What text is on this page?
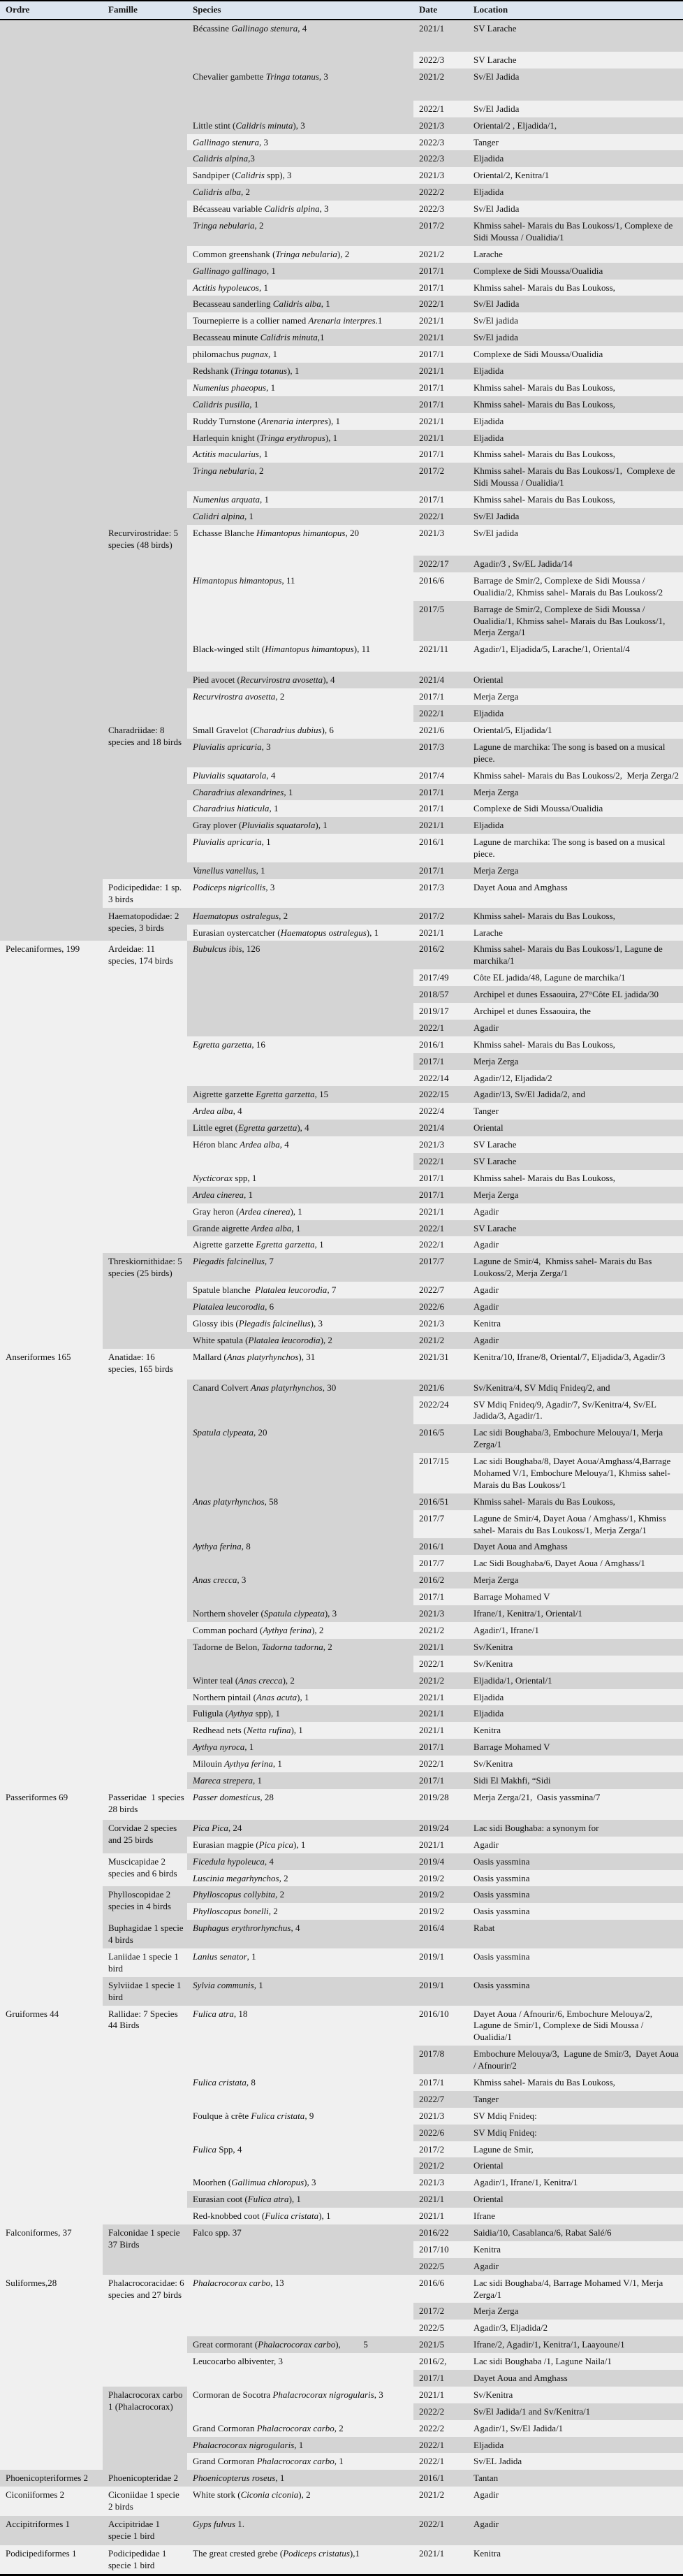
Ordre	Famille	Species	Date	Location
		Bécassine Gallinago stenura, 4	2021/1	SV Larache
			2022/3	SV Larache
		Chevalier gambette Tringa totanus, 3	2021/2	Sv/El Jadida
			2022/1	Sv/El Jadida
		Little stint (Calidris minuta), 3	2021/3	Oriental/2 , Eljadida/1,
		Gallinago stenura, 3	2022/3	Tanger
		Calidris alpina,3	2022/3	Eljadida
		Sandpiper (Calidris spp), 3	2021/3	Oriental/2, Kenitra/1
		Calidris alba, 2	2022/2	Eljadida
		Bécasseau variable Calidris alpina, 3	2022/3	Sv/El Jadida
		Tringa nebularia, 2	2017/2	Khmiss sahel- Marais du Bas Loukoss/1, Complexe de Sidi Moussa / Oualidia/1
		Common greenshank (Tringa nebularia), 2	2021/2	Larache
		Gallinago gallinago, 1	2017/1	Complexe de Sidi Moussa/Oualidia
		Actitis hypoleucos, 1	2017/1	Khmiss sahel- Marais du Bas Loukoss,
		Becasseau sanderling Calidris alba, 1	2022/1	Sv/El Jadida
		Tournepierre is a collier named Arenaria interpres.1	2021/1	Sv/El jadida
		Becasseau minute Calidris minuta,1	2021/1	Sv/El jadida
		philomachus pugnax, 1	2017/1	Complexe de Sidi Moussa/Oualidia
		Redshank (Tringa totanus), 1	2021/1	Eljadida
		Numenius phaeopus, 1	2017/1	Khmiss sahel- Marais du Bas Loukoss,
		Calidris pusilla, 1	2017/1	Khmiss sahel- Marais du Bas Loukoss,
		Ruddy Turnstone (Arenaria interpres), 1	2021/1	Eljadida
		Harlequin knight (Tringa erythropus), 1	2021/1	Eljadida
		Actitis macularius, 1	2017/1	Khmiss sahel- Marais du Bas Loukoss,
		Tringa nebularia, 2	2017/2	Khmiss sahel- Marais du Bas Loukoss/1,  Complexe de Sidi Moussa / Oualidia/1
		Numenius arquata, 1	2017/1	Khmiss sahel- Marais du Bas Loukoss,
		Calidri alpina, 1	2022/1	Sv/El Jadida
	Recurvirostridae: 5 species (48 birds)	Echasse Blanche Himantopus himantopus, 20	2021/3	Sv/El jadida
			2022/17	Agadir/3 , Sv/EL Jadida/14
		Himantopus himantopus, 11	2016/6	Barrage de Smir/2, Complexe de Sidi Moussa / Oualidia/2, Khmiss sahel- Marais du Bas Loukoss/2
			2017/5	Barrage de Smir/2, Complexe de Sidi Moussa / Oualidia/1, Khmiss sahel- Marais du Bas Loukoss/1, Merja Zerga/1
		Black-winged stilt (Himantopus himantopus), 11	2021/11	Agadir/1, Eljadida/5, Larache/1, Oriental/4
		Pied avocet (Recurvirostra avosetta), 4	2021/4	Oriental
		Recurvirostra avosetta, 2	2017/1	Merja Zerga
			2022/1	Eljadida
	Charadriidae: 8 species and 18 birds	Small Gravelot (Charadrius dubius), 6	2021/6	Oriental/5, Eljadida/1
		Pluvialis apricaria, 3	2017/3	Lagune de marchika: The song is based on a musical piece.
		Pluvialis squatarola, 4	2017/4	Khmiss sahel- Marais du Bas Loukoss/2,  Merja Zerga/2
		Charadrius alexandrines, 1	2017/1	Merja Zerga
		Charadrius hiaticula, 1	2017/1	Complexe de Sidi Moussa/Oualidia
		Gray plover (Pluvialis squatarola), 1	2021/1	Eljadida
		Pluvialis apricaria, 1	2016/1	Lagune de marchika: The song is based on a musical piece.
		Vanellus vanellus, 1	2017/1	Merja Zerga
	Podicipedidae: 1 sp. 3 birds	Podiceps nigricollis, 3	2017/3	Dayet Aoua and Amghass
	Haematopodidae: 2 species, 3 birds	Haematopus ostralegus, 2	2017/2	Khmiss sahel- Marais du Bas Loukoss,
		Eurasian oystercatcher (Haematopus ostralegus), 1	2021/1	Larache
Pelecaniformes, 199	Ardeidae: 11 species, 174 birds	Bubulcus ibis, 126	2016/2	Khmiss sahel- Marais du Bas Loukoss/1, Lagune de marchika/1
			2017/49	Côte EL jadida/48, Lagune de marchika/1
			2018/57	Archipel et dunes Essaouira, 27°Côte EL jadida/30
			2019/17	Archipel et dunes Essaouira, the
			2022/1	Agadir
		Egretta garzetta, 16	2016/1	Khmiss sahel- Marais du Bas Loukoss,
			2017/1	Merja Zerga
			2022/14	Agadir/12, Eljadida/2
		Aigrette garzette Egretta garzetta, 15	2022/15	Agadir/13, Sv/El Jadida/2, and
		Ardea alba, 4	2022/4	Tanger
		Little egret (Egretta garzetta), 4	2021/4	Oriental
		Héron blanc Ardea alba, 4	2021/3	SV Larache
			2022/1	SV Larache
		Nycticorax spp, 1	2017/1	Khmiss sahel- Marais du Bas Loukoss,
		Ardea cinerea, 1	2017/1	Merja Zerga
		Gray heron (Ardea cinerea), 1	2021/1	Agadir
		Grande aigrette Ardea alba, 1	2022/1	SV Larache
		Aigrette garzette Egretta garzetta, 1	2022/1	Agadir
	Threskiornithidae: 5 species (25 birds)	Plegadis falcinellus, 7	2017/7	Lagune de Smir/4,  Khmiss sahel- Marais du Bas Loukoss/2, Merja Zerga/1
		Spatule blanche  Platalea leucorodia, 7	2022/7	Agadir
		Platalea leucorodia, 6	2022/6	Agadir
		Glossy ibis (Plegadis falcinellus), 3	2021/3	Kenitra
		White spatula (Platalea leucorodia), 2	2021/2	Agadir
Anseriformes 165	Anatidae: 16 species, 165 birds	Mallard (Anas platyrhynchos), 31	2021/31	Kenitra/10, Ifrane/8, Oriental/7, Eljadida/3, Agadir/3
		Canard Colvert Anas platyrhynchos, 30	2021/6	Sv/Kenitra/4, SV Mdiq Fnideq/2, and
			2022/24	SV Mdiq Fnideq/9, Agadir/7, Sv/Kenitra/4, Sv/EL Jadida/3, Agadir/1.
		Spatula clypeata, 20	2016/5	Lac sidi Boughaba/3, Embochure Melouya/1, Merja Zerga/1
			2017/15	Lac sidi Boughaba/8, Dayet Aoua/Amghass/4,Barrage Mohamed V/1, Embochure Melouya/1, Khmiss sahel- Marais du Bas Loukoss/1
		Anas platyrhynchos, 58	2016/51	Khmiss sahel- Marais du Bas Loukoss,
			2017/7	Lagune de Smir/4, Dayet Aoua / Amghass/1, Khmiss sahel- Marais du Bas Loukoss/1, Merja Zerga/1
		Aythya ferina, 8	2016/1	Dayet Aoua and Amghass
			2017/7	Lac Sidi Boughaba/6, Dayet Aoua / Amghass/1
		Anas crecca, 3	2016/2	Merja Zerga
			2017/1	Barrage Mohamed V
		Northern shoveler (Spatula clypeata), 3	2021/3	Ifrane/1, Kenitra/1, Oriental/1
		Comman pochard (Aythya ferina), 2	2021/2	Agadir/1, Ifrane/1
		Tadorne de Belon, Tadorna tadorna, 2	2021/1	Sv/Kenitra
			2022/1	Sv/Kenitra
		Winter teal (Anas crecca), 2	2021/2	Eljadida/1, Oriental/1
		Northern pintail (Anas acuta), 1	2021/1	Eljadida
		Fuligula (Aythya spp), 1	2021/1	Eljadida
		Redhead nets (Netta rufina), 1	2021/1	Kenitra
		Aythya nyroca, 1	2017/1	Barrage Mohamed V
		Milouin Aythya ferina, 1	2022/1	Sv/Kenitra
		Mareca strepera, 1	2017/1	Sidi El Makhfi, “Sidi
Passeriformes 69	Passeridae  1 species 28 birds	Passer domesticus, 28	2019/28	Merja Zerga/21,  Oasis yassmina/7
	Corvidae 2 species and 25 birds	Pica Pica, 24	2019/24	Lac sidi Boughaba: a synonym for
		Eurasian magpie (Pica pica), 1	2021/1	Agadir
	Muscicapidae 2 species and 6 birds	Ficedula hypoleuca, 4	2019/4	Oasis yassmina
		Luscinia megarhynchos, 2	2019/2	Oasis yassmina
	Phylloscopidae 2 species in 4 birds	Phylloscopus collybita, 2	2019/2	Oasis yassmina
		Phylloscopus bonelli, 2	2019/2	Oasis yassmina
	Buphagidae 1 specie 4 birds	Buphagus erythrorhynchus, 4	2016/4	Rabat
	Laniidae 1 specie 1 bird	Lanius senator, 1	2019/1	Oasis yassmina
	Sylviidae 1 specie 1 bird	Sylvia communis, 1	2019/1	Oasis yassmina
Gruiformes 44	Rallidae: 7 Species 44 Birds	Fulica atra, 18	2016/10	Dayet Aoua / Afnourir/6, Embochure Melouya/2, Lagune de Smir/1, Complexe de Sidi Moussa / Oualidia/1
			2017/8	Embochure Melouya/3,  Lagune de Smir/3,  Dayet Aoua / Afnourir/2
		Fulica cristata, 8	2017/1	Khmiss sahel- Marais du Bas Loukoss,
			2022/7	Tanger
		Foulque à crête Fulica cristata, 9	2021/3	SV Mdiq Fnideq:
			2022/6	SV Mdiq Fnideq:
		Fulica Spp, 4	2017/2	Lagune de Smir,
			2021/2	Oriental
		Moorhen (Gallimua chloropus), 3	2021/3	Agadir/1, Ifrane/1, Kenitra/1
		Eurasian coot (Fulica atra), 1	2021/1	Oriental
		Red-knobbed coot (Fulica cristata), 1	2021/1	Ifrane
Falconiformes, 37	Falconidae 1 specie 37 Birds	Falco spp. 37	2016/22	Saidia/10, Casablanca/6, Rabat Salé/6
			2017/10	Kenitra
			2022/5	Agadir
Suliformes,28	Phalacrocoracidae: 6 species and 27 birds	Phalacrocorax carbo, 13	2016/6	Lac sidi Boughaba/4, Barrage Mohamed V/1, Merja Zerga/1
			2017/2	Merja Zerga
			2022/5	Agadir/3, Eljadida/2
		Great cormorant (Phalacrocorax carbo),          5	2021/5	Ifrane/2, Agadir/1, Kenitra/1, Laayoune/1
		Leucocarbo albiventer, 3	2016/2,	Lac sidi Boughaba /1, Lagune Naila/1
			2017/1	Dayet Aoua and Amghass
	Phalacrocorax carbo 1 (Phalacrocorax)	Cormoran de Socotra Phalacrocorax nigrogularis, 3	2021/1	Sv/Kenitra
			2022/2	Sv/El Jadida/1 and Sv/Kenitra/1
		Grand Cormoran Phalacrocorax carbo, 2	2022/2	Agadir/1, Sv/El Jadida/1
		Phalacrocorax nigrogularis, 1	2022/1	Eljadida
		Grand Cormoran Phalacrocorax carbo, 1	2022/1	Sv/EL Jadida
Phoenicopteriformes 2	Phoenicopteridae 2	Phoenicopterus roseus, 1	2016/1	Tantan
Ciconiiformes 2	Ciconiidae 1 specie  2 birds	White stork (Ciconia ciconia), 2	2021/2	Agadir
Accipitriformes 1	Accipitridae 1 specie 1 bird	Gyps fulvus 1.	2022/1	Agadir
Podicipediformes 1	Podicipedidae 1 specie 1 bird	The great crested grebe (Podiceps cristatus),1	2021/1	Kenitra
